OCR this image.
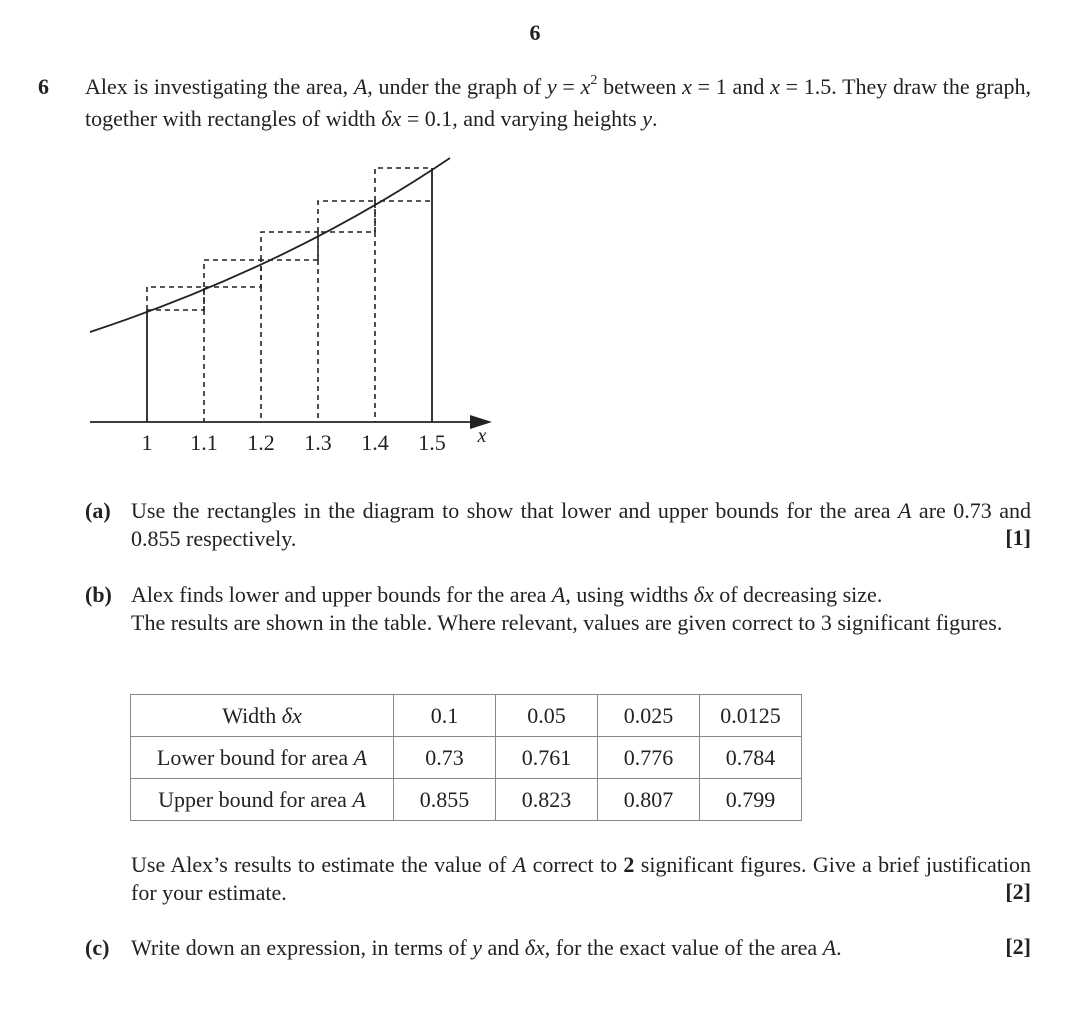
6
6 Alex is investigating the area, A, under the graph of $y = x^2$ between x = 1 and x = 1.5. They draw the graph, together with rectangles of width δx = 0.1, and varying heights y.
1 1.1 1.2 1.3 1.4 1.5 x
(a) Use the rectangles in the diagram to show that lower and upper bounds for the area A are 0.73 and 0.855 respectively.	[1]
(b) Alex finds lower and upper bounds for the area A, using widths δx of decreasing size.
The results are shown in the table. Where relevant, values are given correct to 3 significant figures.
Width δx	0.1	0.05	0.025	0.0125
Lower bound for area A	0.73	0.761	0.776	0.784
Upper bound for area A	0.855	0.823	0.807	0.799
Use Alex’s results to estimate the value of A correct to 2 significant figures. Give a brief justification for your estimate.	[2]
(c) Write down an expression, in terms of y and δx, for the exact value of the area A.	[2]
